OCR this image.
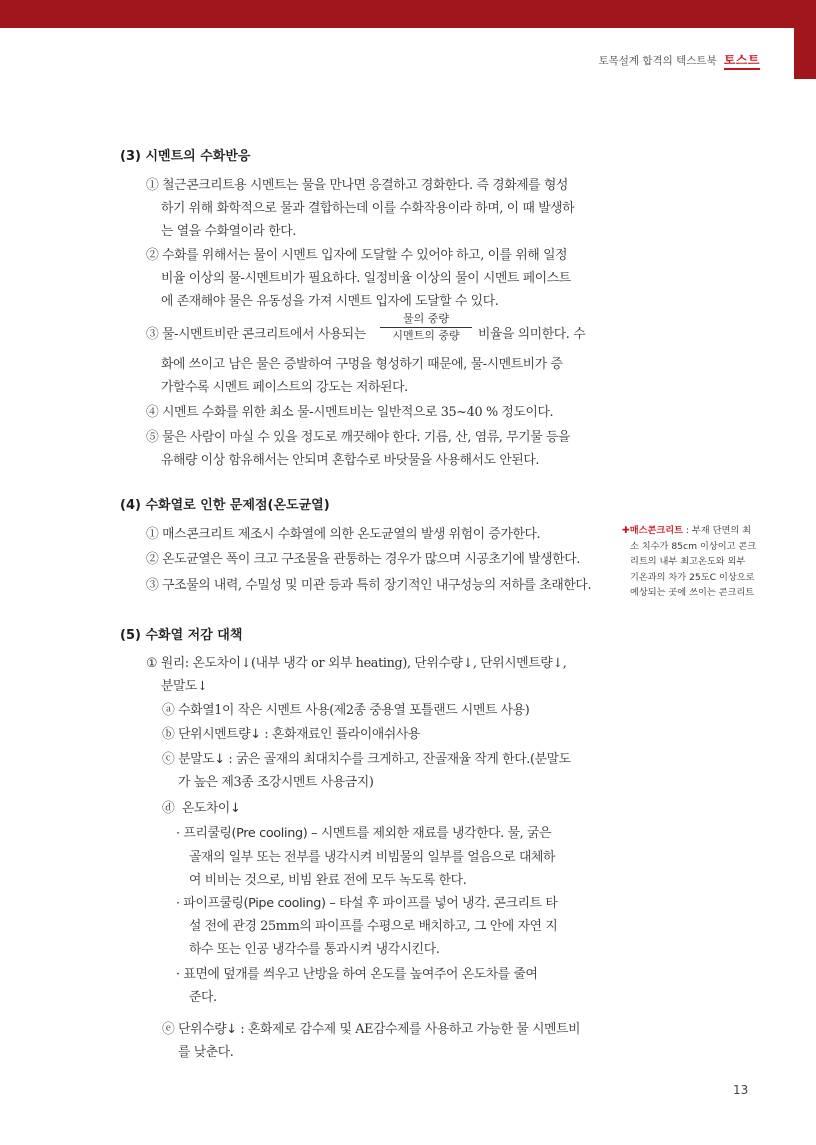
토목설계 합격의 텍스트북 토스트
(3) 시멘트의 수화반응
① 철근콘크리트용 시멘트는 물을 만나면 응결하고 경화한다. 즉 경화제를 형성
하기 위해 화학적으로 물과 결합하는데 이를 수화작용이라 하며, 이 때 발생하
는 열을 수화열이라 한다.
② 수화를 위해서는 물이 시멘트 입자에 도달할 수 있어야 하고, 이를 위해 일정
비율 이상의 물-시멘트비가 필요하다. 일정비율 이상의 물이 시멘트 페이스트
에 존재해야 물은 유동성을 가져 시멘트 입자에 도달할 수 있다.
③ 물-시멘트비란 콘크리트에서 사용되는
물의 중량
시멘트의 중량	비율을 의미한다. 수
화에 쓰이고 남은 물은 증발하여 구멍을 형성하기 때문에, 물-시멘트비가 증
가할수록 시멘트 페이스트의 강도는 저하된다.
④ 시멘트 수화를 위한 최소 물-시멘트비는 일반적으로 35~40 % 정도이다.
⑤ 물은 사람이 마실 수 있을 정도로 깨끗해야 한다. 기름, 산, 염류, 무기물 등을
유해량 이상 함유해서는 안되며 혼합수로 바닷물을 사용해서도 안된다.
(4) 수화열로 인한 문제점(온도균열)
① 매스콘크리트 제조시 수화열에 의한 온도균열의 발생 위험이 증가한다.
② 온도균열은 폭이 크고 구조물을 관통하는 경우가 많으며 시공초기에 발생한다.
③ 구조물의 내력, 수밀성 및 미관 등과 특히 장기적인 내구성능의 저하를 초래한다.
✚매스콘크리트 : 부재 단면의 최
소 치수가 85cm 이상이고 콘크
리트의 내부 최고온도와 외부
기온과의 차가 25도C 이상으로
예상되는 곳에 쓰이는 콘크리트
(5) 수화열 저감 대책
① 원리: 온도차이↓(내부 냉각 or 외부 heating), 단위수량↓, 단위시멘트량↓,
분말도↓
ⓐ 수화열1이 작은 시멘트 사용(제2종 중용열 포틀랜드 시멘트 사용)
ⓑ 단위시멘트량↓ : 혼화재료인 플라이애쉬사용
ⓒ 분말도↓ : 굵은 골재의 최대치수를 크게하고, 잔골재율 작게 한다.(분말도
가 높은 제3종 조강시멘트 사용금지)
ⓓ 온도차이↓
· 프리쿨링(Pre cooling) – 시멘트를 제외한 재료를 냉각한다. 물, 굵은
골재의 일부 또는 전부를 냉각시켜 비빔물의 일부를 얼음으로 대체하
여 비비는 것으로, 비빔 완료 전에 모두 녹도록 한다.
· 파이프쿨링(Pipe cooling) – 타설 후 파이프를 넣어 냉각. 콘크리트 타
설 전에 관경 25mm의 파이프를 수평으로 배치하고, 그 안에 자연 지
하수 또는 인공 냉각수를 통과시켜 냉각시킨다.
· 표면에 덮개를 씌우고 난방을 하여 온도를 높여주어 온도차를 줄여
준다.
ⓔ 단위수량↓ : 혼화제로 감수제 및 AE감수제를 사용하고 가능한 물 시멘트비
를 낮춘다.
13
